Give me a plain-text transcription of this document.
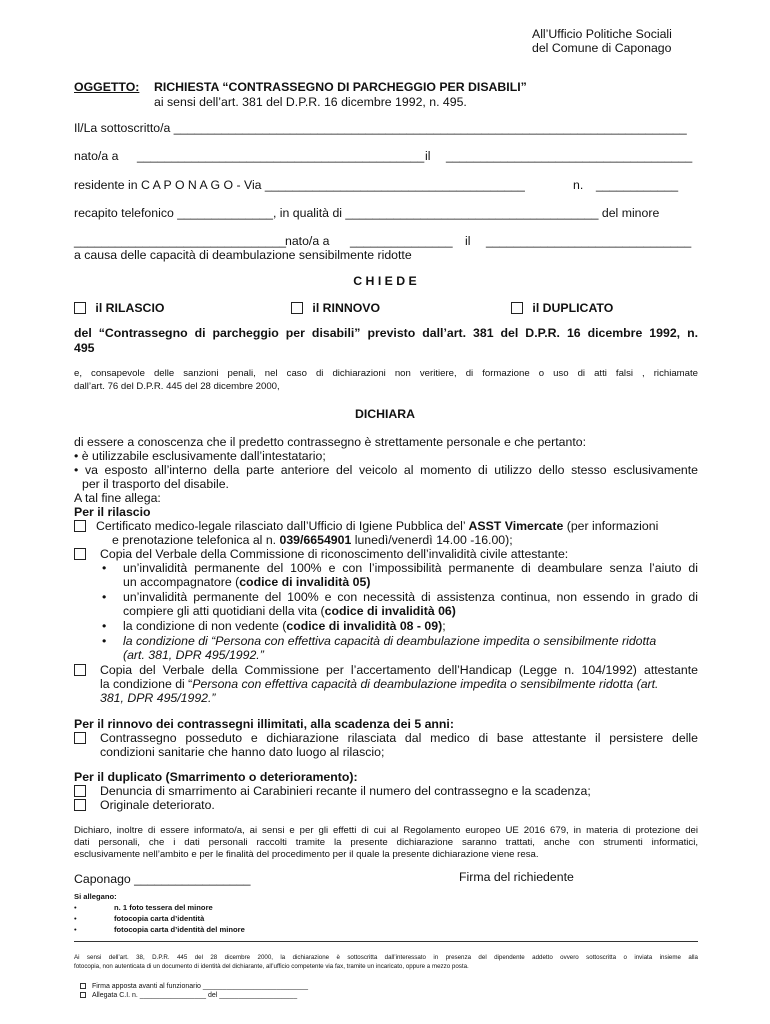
All’Ufficio Politiche Sociali
del Comune di Caponago
OGGETTO: RICHIESTA “CONTRASSEGNO DI PARCHEGGIO PER DISABILI”
ai sensi dell’art. 381 del D.P.R. 16 dicembre 1992, n. 495.
Il/La sottoscritto/a ___________________________________________________________________________
nato/a a __________________________________________ il ____________________________________
residente in C A P O N A G O - Via ______________________________________	n. ____________
recapito telefonico ______________, in qualità di _____________________________________ del minore
_______________________________
nato/a a _______________ il ______________________________
a causa delle capacità di deambulazione sensibilmente ridotte
C H I E D E
il RILASCIO	il RINNOVO	il DUPLICATO
del “Contrassegno di parcheggio per disabili” previsto dall’art. 381 del D.P.R. 16 dicembre 1992, n.
495
e, consapevole delle sanzioni penali, nel caso di dichiarazioni non veritiere, di formazione o uso di atti falsi , richiamate
dall’art. 76 del D.P.R. 445 del 28 dicembre 2000,
DICHIARA
di essere a conoscenza che il predetto contrassegno è strettamente personale e che pertanto:
• è utilizzabile esclusivamente dall’intestatario;
• va esposto all’interno della parte anteriore del veicolo al momento di utilizzo dello stesso esclusivamente
per il trasporto del disabile.
A tal fine allega:
Per il rilascio
Certificato medico-legale rilasciato dall’Ufficio di Igiene Pubblica del’ ASST Vimercate (per informazioni
e prenotazione telefonica al n. 039/6654901 lunedì/venerdì 14.00 -16.00);
Copia del Verbale della Commissione di riconoscimento dell’invalidità civile attestante:
• un’invalidità permanente del 100% e con l’impossibilità permanente di deambulare senza l’aiuto di
un accompagnatore (codice di invalidità 05)
• un’invalidità permanente del 100% e con necessità di assistenza continua, non essendo in grado di
compiere gli atti quotidiani della vita (codice di invalidità 06)
• la condizione di non vedente (codice di invalidità 08 - 09);
• la condizione di “Persona con effettiva capacità di deambulazione impedita o sensibilmente ridotta
(art. 381, DPR 495/1992.”
Copia del Verbale della Commissione per l’accertamento dell’Handicap (Legge n. 104/1992) attestante
la condizione di “Persona con effettiva capacità di deambulazione impedita o sensibilmente ridotta (art.
381, DPR 495/1992.”
Per il rinnovo dei contrassegni illimitati, alla scadenza dei 5 anni:
Contrassegno posseduto e dichiarazione rilasciata dal medico di base attestante il persistere delle
condizioni sanitarie che hanno dato luogo al rilascio;
Per il duplicato (Smarrimento o deterioramento):
Denuncia di smarrimento ai Carabinieri recante il numero del contrassegno e la scadenza;
Originale deteriorato.
Dichiaro, inoltre di essere informato/a, ai sensi e per gli effetti di cui al Regolamento europeo UE 2016 679, in materia di protezione dei
dati personali, che i dati personali raccolti tramite la presente dichiarazione saranno trattati, anche con strumenti informatici,
esclusivamente nell’ambito e per le finalità del procedimento per il quale la presente dichiarazione viene resa.
Caponago _________________	Firma del richiedente
Si allegano:
•	n. 1 foto tessera del minore
•	fotocopia carta d’identità
•	fotocopia carta d’identità del minore
Ai sensi dell’art. 38, D.P.R. 445 del 28 dicembre 2000, la dichiarazione è sottoscritta dall’interessato in presenza del dipendente addetto ovvero sottoscritta o inviata insieme alla
fotocopia, non autenticata di un documento di identità del dichiarante, all’ufficio competente via fax, tramite un incaricato, oppure a mezzo posta.
Firma apposta avanti al funzionario ___________________________
Allegata C.I. n. _________________ del ____________________
